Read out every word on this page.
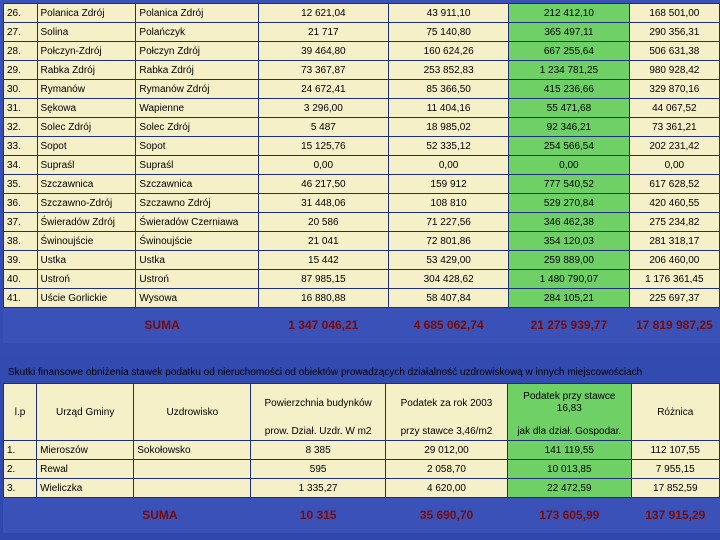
26.	Polanica Zdrój	Polanica Zdrój	12 621,04	43 911,10	212 412,10	168 501,00
27.	Solina	Polańczyk	21 717	75 140,80	365 497,11	290 356,31
28.	Połczyn-Zdrój	Połczyn Zdrój	39 464,80	160 624,26	667 255,64	506 631,38
29.	Rabka Zdrój	Rabka Zdrój	73 367,87	253 852,83	1 234 781,25	980 928,42
30.	Rymanów	Rymanów Zdrój	24 672,41	85 366,50	415 236,66	329 870,16
31.	Sękowa	Wapienne	3 296,00	11 404,16	55 471,68	44 067,52
32.	Solec Zdrój	Solec Zdrój	5 487	18 985,02	92 346,21	73 361,21
33.	Sopot	Sopot	15 125,76	52 335,12	254 566,54	202 231,42
34.	Supraśl	Supraśl	0,00	0,00	0,00	0,00
35.	Szczawnica	Szczawnica	46 217,50	159 912	777 540,52	617 628,52
36.	Szczawno-Zdrój	Szczawno Zdrój	31 448,06	108 810	529 270,84	420 460,55
37.	Świeradów Zdrój	Świeradów Czerniawa	20 586	71 227,56	346 462,38	275 234,82
38.	Świnoujście	Świnoujście	21 041	72 801,86	354 120,03	281 318,17
39.	Ustka	Ustka	15 442	53 429,00	259 889,00	206 460,00
40.	Ustroń	Ustroń	87 985,15	304 428,62	1 480 790,07	1 176 361,45
41.	Uście Gorlickie	Wysowa	16 880,88	58 407,84	284 105,21	225 697,37
		SUMA	1 347 046,21	4 685 062,74	21 275 939,77	17 819 987,25
Skutki finansowe obniżenia stawek podatku od nieruchomości od obiektów prowadzących działalność uzdrowiskową w innych miejscowościach
l.p	Urząd Gminy	Uzdrowisko	Powierzchnia budynków	Podatek za rok 2003	Podatek przy stawce 16,83	Różnica
			prow. Dział. Uzdr. W m2	przy stawce 3,46/m2	jak dla dział. Gospodar.	
1.	Mieroszów	Sokołowsko	8 385	29 012,00	141 119,55	112 107,55
2.	Rewal		595	2 058,70	10 013,85	7 955,15
3.	Wieliczka		1 335,27	4 620,00	22 472,59	17 852,59
		SUMA	10 315	35 690,70	173 605,99	137 915,29
